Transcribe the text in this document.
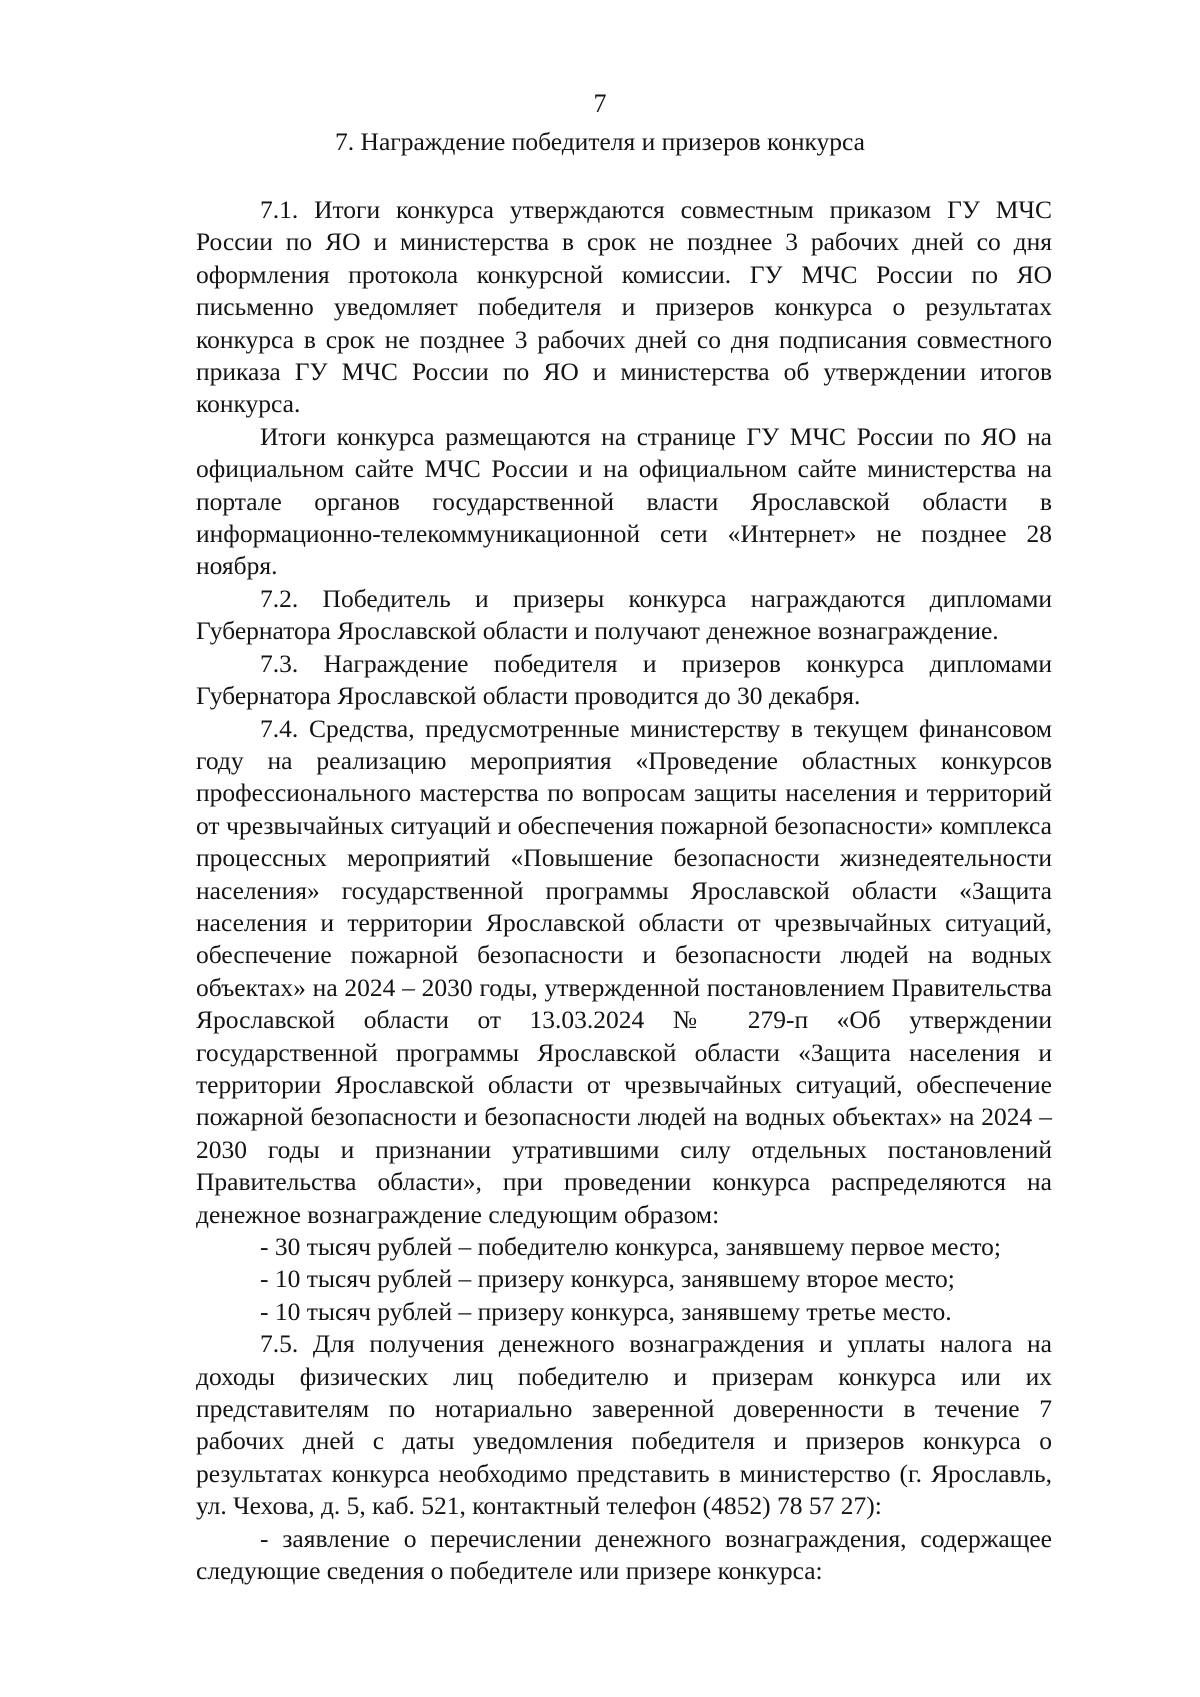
7
7. Награждение победителя и призеров конкурса

7.1. Итоги конкурса утверждаются совместным приказом ГУ МЧС России по ЯО и министерства в срок не позднее 3 рабочих дней со дня оформления протокола конкурсной комиссии. ГУ МЧС России по ЯО письменно уведомляет победителя и призеров конкурса о результатах конкурса в срок не позднее 3 рабочих дней со дня подписания совместного приказа ГУ МЧС России по ЯО и министерства об утверждении итогов конкурса.

Итоги конкурса размещаются на странице ГУ МЧС России по ЯО на официальном сайте МЧС России и на официальном сайте министерства на портале органов государственной власти Ярославской области в информационно-телекоммуникационной сети «Интернет» не позднее 28 ноября.

7.2. Победитель и призеры конкурса награждаются дипломами Губернатора Ярославской области и получают денежное вознаграждение.

7.3. Награждение победителя и призеров конкурса дипломами Губернатора Ярославской области проводится до 30 декабря.

7.4. Средства, предусмотренные министерству в текущем финансовом году на реализацию мероприятия «Проведение областных конкурсов профессионального мастерства по вопросам защиты населения и территорий от чрезвычайных ситуаций и обеспечения пожарной безопасности» комплекса процессных мероприятий «Повышение безопасности жизнедеятельности населения» государственной программы Ярославской области «Защита населения и территории Ярославской области от чрезвычайных ситуаций, обеспечение пожарной безопасности и безопасности людей на водных объектах» на 2024 – 2030 годы, утвержденной постановлением Правительства Ярославской области от 13.03.2024 № 279-п «Об утверждении государственной программы Ярославской области «Защита населения и территории Ярославской области от чрезвычайных ситуаций, обеспечение пожарной безопасности и безопасности людей на водных объектах» на 2024 – 2030 годы и признании утратившими силу отдельных постановлений Правительства области», при проведении конкурса распределяются на денежное вознаграждение следующим образом:

- 30 тысяч рублей – победителю конкурса, занявшему первое место;

- 10 тысяч рублей – призеру конкурса, занявшему второе место;

- 10 тысяч рублей – призеру конкурса, занявшему третье место.

7.5. Для получения денежного вознаграждения и уплаты налога на доходы физических лиц победителю и призерам конкурса или их представителям по нотариально заверенной доверенности в течение 7 рабочих дней с даты уведомления победителя и призеров конкурса о результатах конкурса необходимо представить в министерство (г. Ярославль, ул. Чехова, д. 5, каб. 521, контактный телефон (4852) 78 57 27):

- заявление о перечислении денежного вознаграждения, содержащее следующие сведения о победителе или призере конкурса:
